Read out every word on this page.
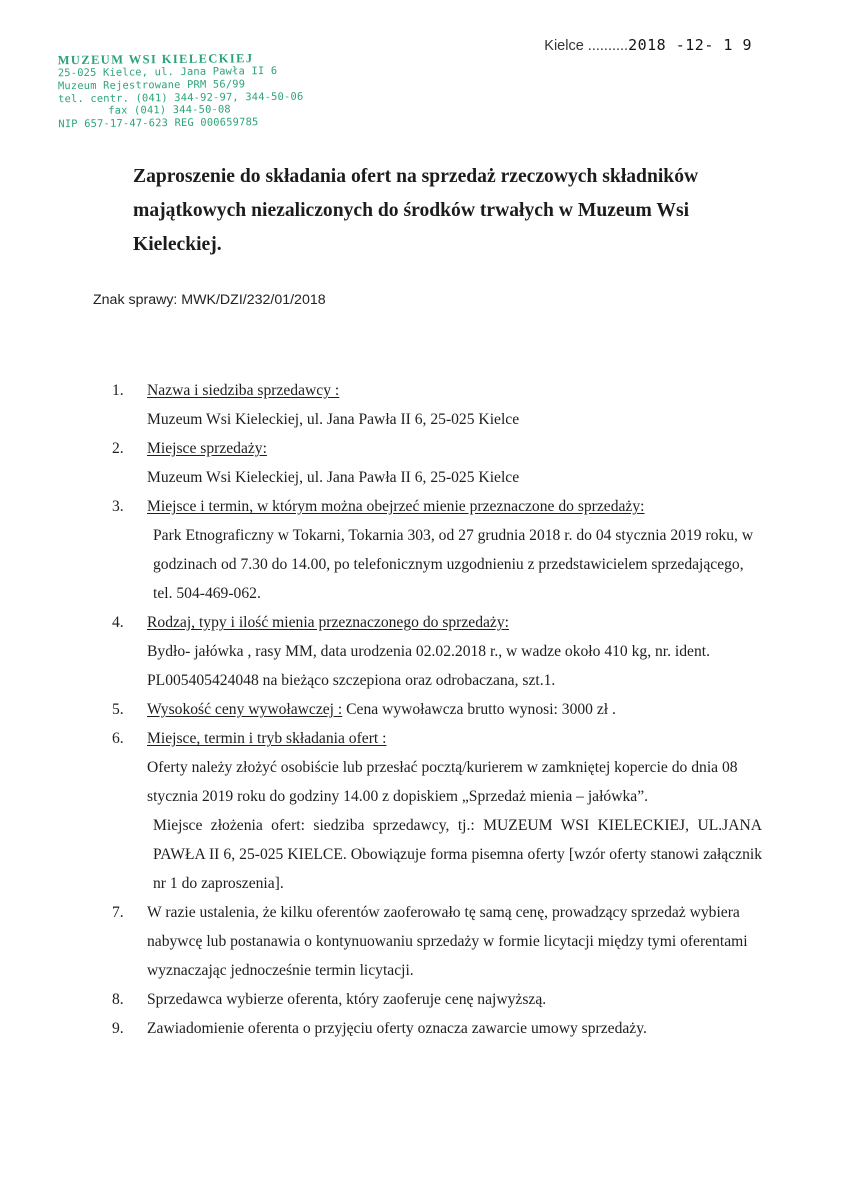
MUZEUM WSI KIELECKIEJ
25-025 Kielce, ul. Jana Pawła II 6
Muzeum Rejestrowane PRM 56/99
tel. centr. (041) 344-92-97, 344-50-06
fax (041) 344-50-08
NIP 657-17-47-623 REG 000659785
Kielce ..........2018 -12- 1 9
Zaproszenie do składania ofert na sprzedaż rzeczowych składników majątkowych niezaliczonych do środków trwałych w Muzeum Wsi Kieleckiej.
Znak sprawy: MWK/DZI/232/01/2018
1.	Nazwa i siedziba sprzedawcy :
Muzeum Wsi Kieleckiej, ul. Jana Pawła II 6, 25-025 Kielce
2.	Miejsce sprzedaży:
Muzeum Wsi Kieleckiej, ul. Jana Pawła II 6, 25-025 Kielce
3.	Miejsce i termin, w którym można obejrzeć mienie przeznaczone do sprzedaży:
Park Etnograficzny w Tokarni, Tokarnia 303, od 27 grudnia 2018 r. do 04 stycznia 2019 roku, w godzinach od 7.30 do 14.00, po telefonicznym uzgodnieniu z przedstawicielem sprzedającego, tel. 504-469-062.
4.	Rodzaj, typy i ilość mienia przeznaczonego do sprzedaży:
Bydło- jałówka , rasy MM, data urodzenia 02.02.2018 r., w wadze około 410 kg, nr. ident. PL005405424048 na bieżąco szczepiona oraz odrobaczana, szt.1.
5.	Wysokość ceny wywoławczej : Cena wywoławcza brutto wynosi: 3000 zł .
6.	Miejsce, termin i tryb składania ofert :
Oferty należy złożyć osobiście lub przesłać pocztą/kurierem w zamkniętej kopercie do dnia 08 stycznia 2019 roku do godziny 14.00 z dopiskiem „Sprzedaż mienia – jałówka”.
Miejsce złożenia ofert: siedziba sprzedawcy, tj.: MUZEUM WSI KIELECKIEJ, UL.JANA PAWŁA II 6, 25-025 KIELCE. Obowiązuje forma pisemna oferty [wzór oferty stanowi załącznik nr 1 do zaproszenia].
7.	W razie ustalenia, że kilku oferentów zaoferowało tę samą cenę, prowadzący sprzedaż wybiera nabywcę lub postanawia o kontynuowaniu sprzedaży w formie licytacji między tymi oferentami wyznaczając jednocześnie termin licytacji.
8.	Sprzedawca wybierze oferenta, który zaoferuje cenę najwyższą.
9.	Zawiadomienie oferenta o przyjęciu oferty oznacza zawarcie umowy sprzedaży.
